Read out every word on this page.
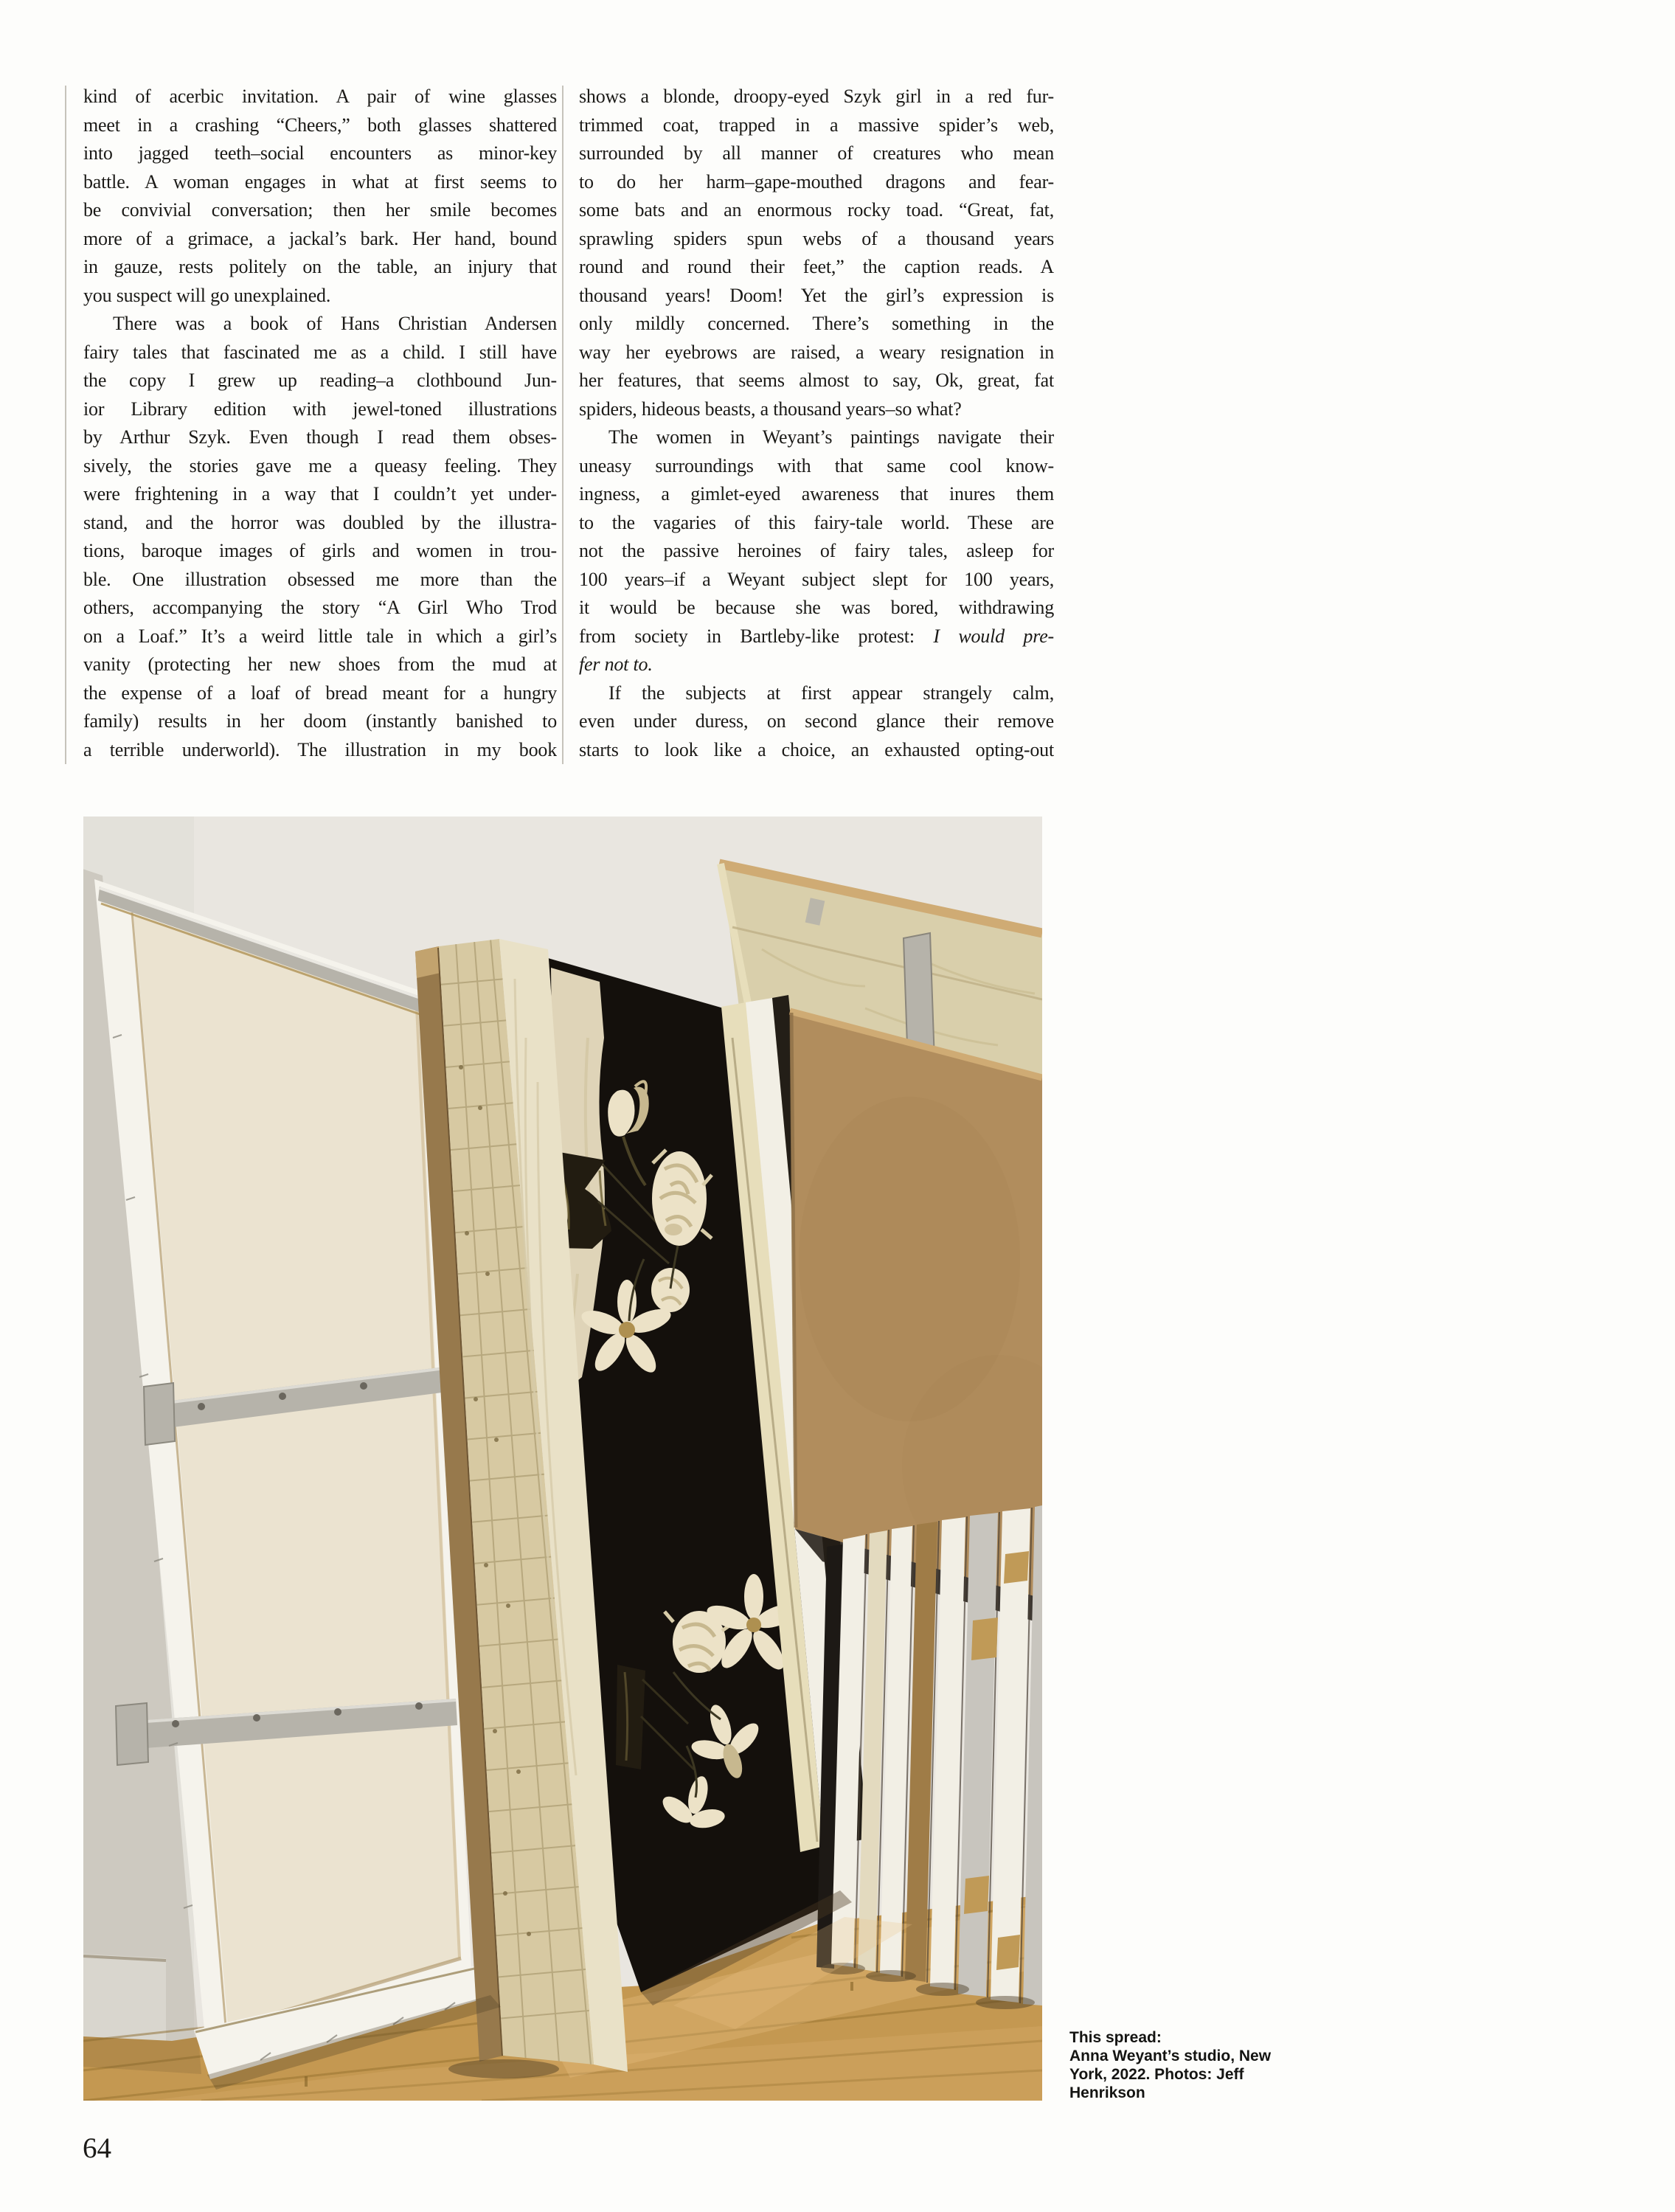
kind of acerbic invitation. A pair of wine glasses
meet in a crashing “Cheers,” both glasses shattered
into jagged teeth–social encounters as minor-key
battle. A woman engages in what at first seems to
be convivial conversation; then her smile becomes
more of a grimace, a jackal’s bark. Her hand, bound
in gauze, rests politely on the table, an injury that
you suspect will go unexplained.
There was a book of Hans Christian Andersen
fairy tales that fascinated me as a child. I still have
the copy I grew up reading–a clothbound Jun-
ior Library edition with jewel-toned illustrations
by Arthur Szyk. Even though I read them obses-
sively, the stories gave me a queasy feeling. They
were frightening in a way that I couldn’t yet under-
stand, and the horror was doubled by the illustra-
tions, baroque images of girls and women in trou-
ble. One illustration obsessed me more than the
others, accompanying the story “A Girl Who Trod
on a Loaf.” It’s a weird little tale in which a girl’s
vanity (protecting her new shoes from the mud at
the expense of a loaf of bread meant for a hungry
family) results in her doom (instantly banished to
a terrible underworld). The illustration in my book
shows a blonde, droopy-eyed Szyk girl in a red fur-
trimmed coat, trapped in a massive spider’s web,
surrounded by all manner of creatures who mean
to do her harm–gape-mouthed dragons and fear-
some bats and an enormous rocky toad. “Great, fat,
sprawling spiders spun webs of a thousand years
round and round their feet,” the caption reads. A
thousand years! Doom! Yet the girl’s expression is
only mildly concerned. There’s something in the
way her eyebrows are raised, a weary resignation in
her features, that seems almost to say, Ok, great, fat
spiders, hideous beasts, a thousand years–so what?
The women in Weyant’s paintings navigate their
uneasy surroundings with that same cool know-
ingness, a gimlet-eyed awareness that inures them
to the vagaries of this fairy-tale world. These are
not the passive heroines of fairy tales, asleep for
100 years–if a Weyant subject slept for 100 years,
it would be because she was bored, withdrawing
from society in Bartleby-like protest: I would pre-
fer not to.
If the subjects at first appear strangely calm,
even under duress, on second glance their remove
starts to look like a choice, an exhausted opting-out
This spread:
Anna Weyant’s studio, New
York, 2022. Photos: Jeff
Henrikson
64
